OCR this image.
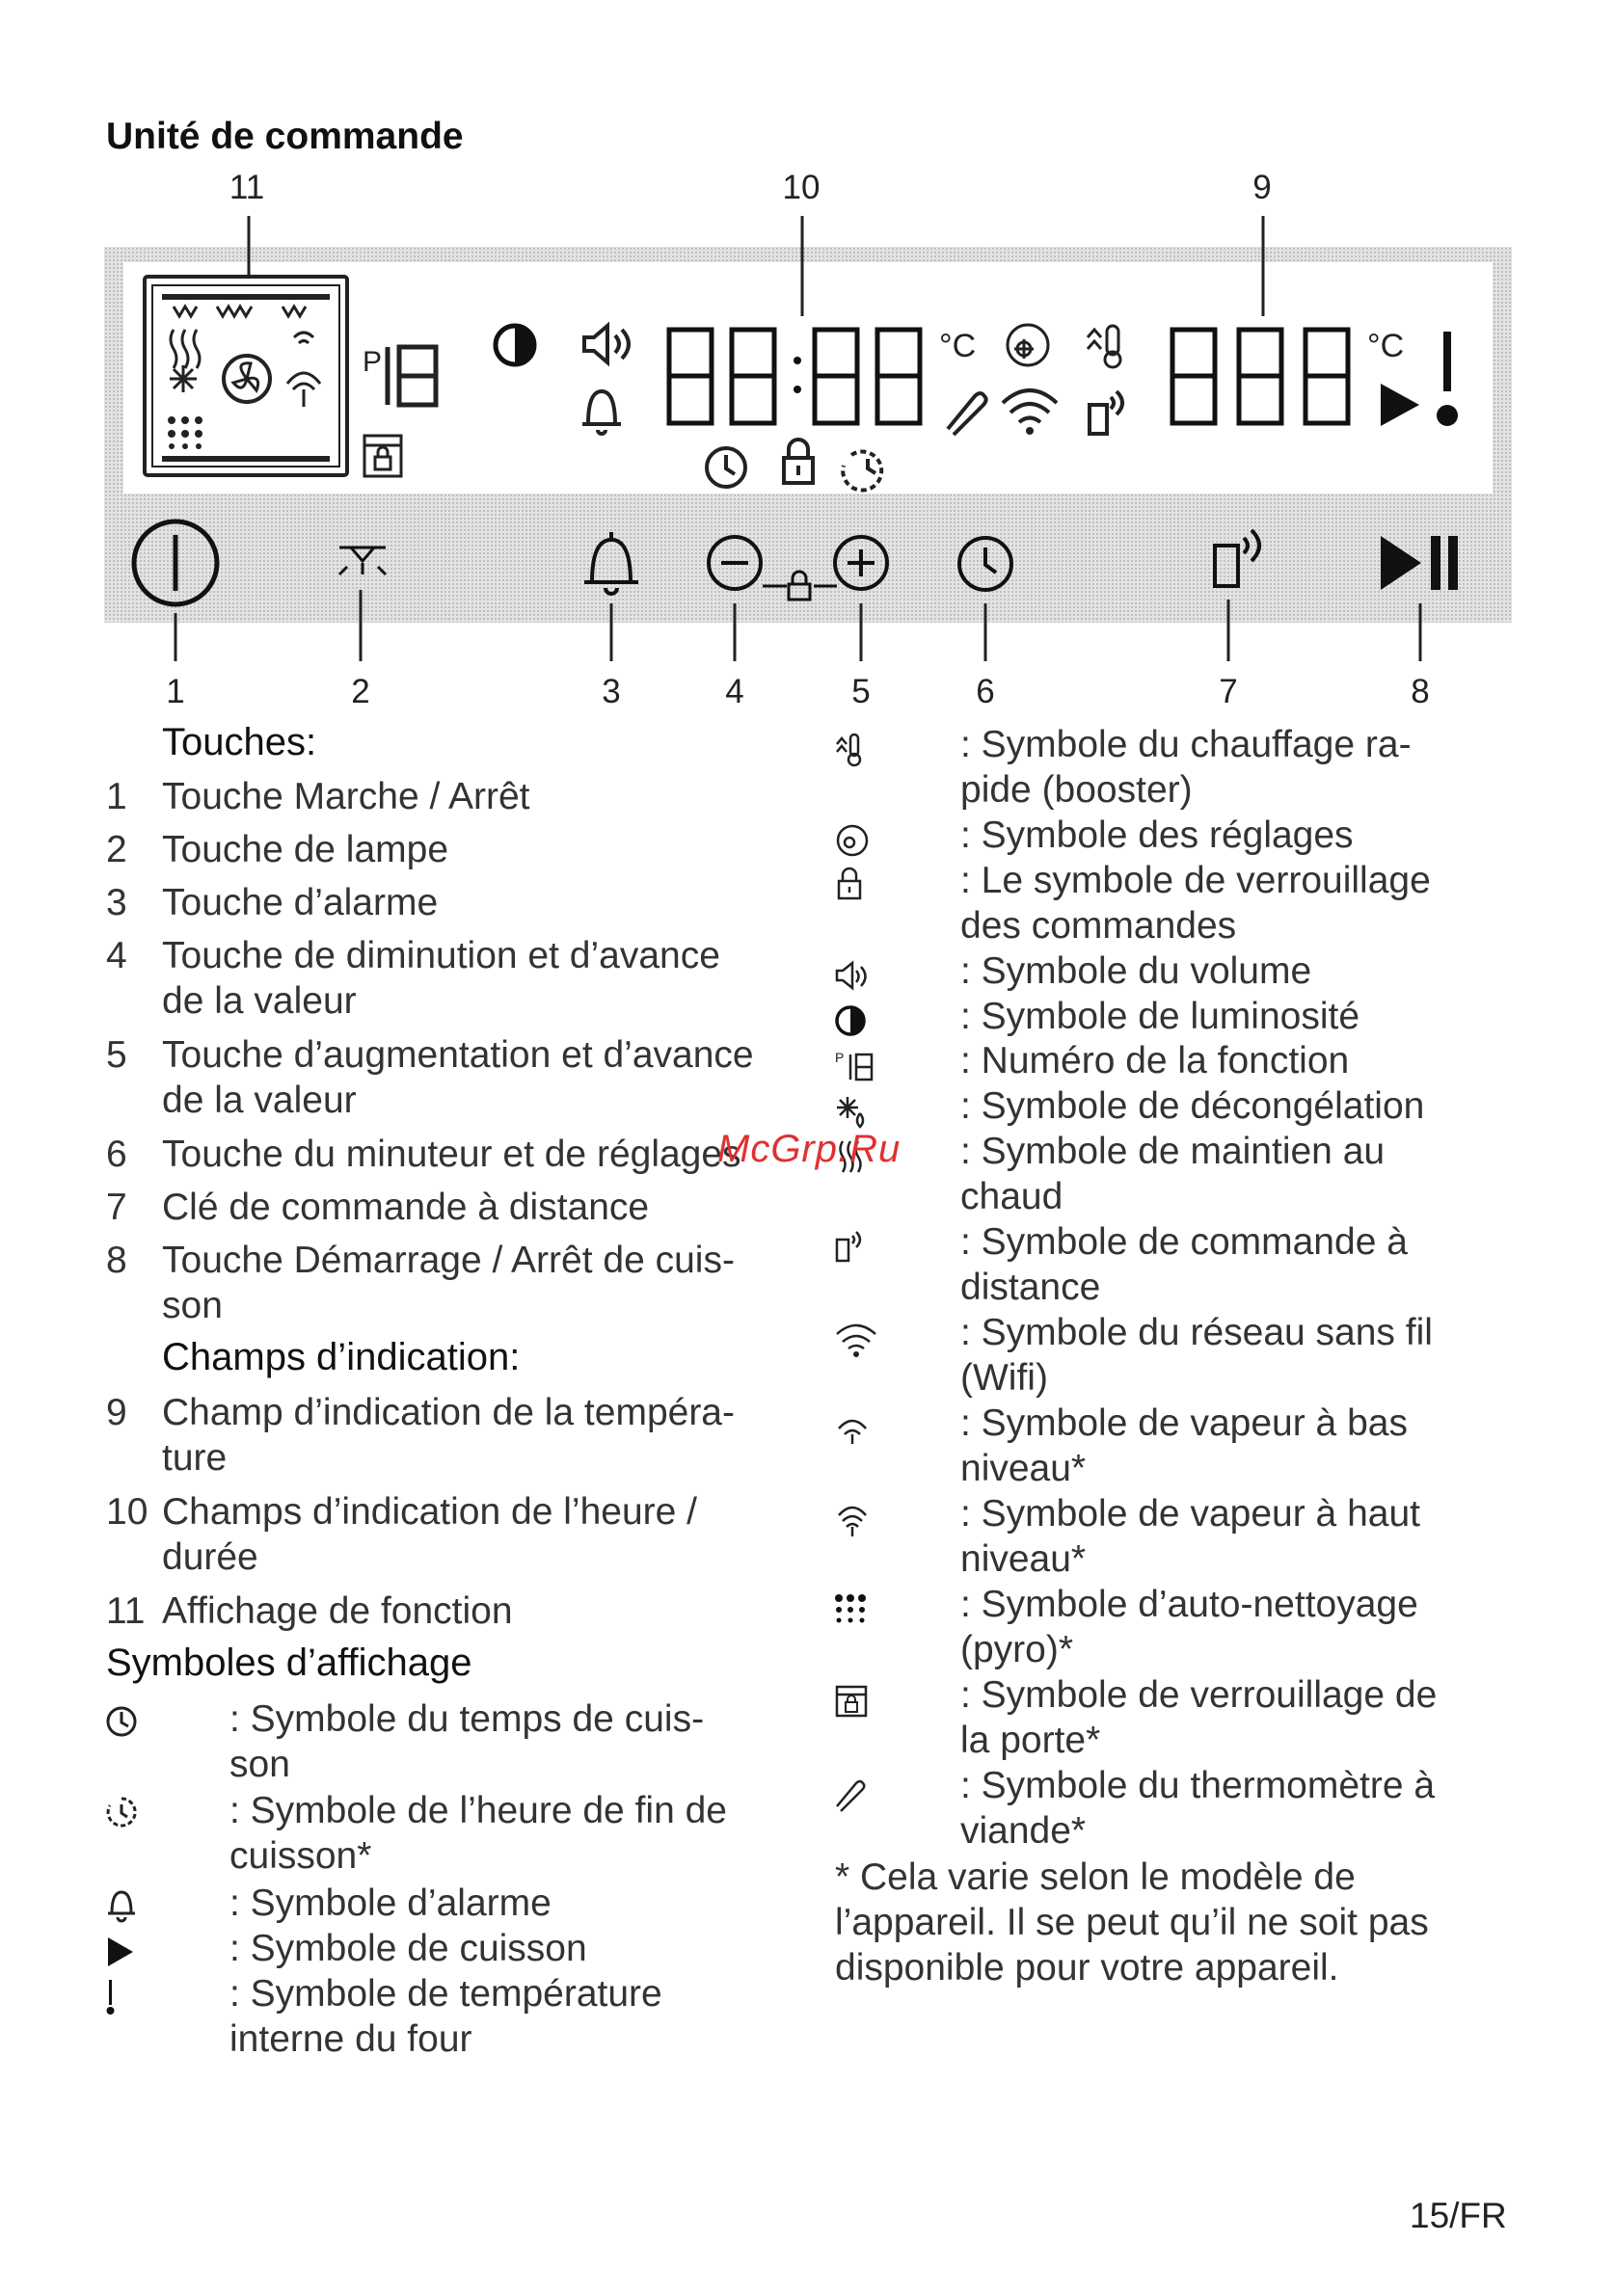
Unité de commande
11	10	9
P	°C	°C
1	2	3	4	5	6	7	8
Touches:
1 Touche Marche / Arrêt
2 Touche de lampe
3 Touche d’alarme
4 Touche de diminution et d’avance
de la valeur
5 Touche d’augmentation et d’avance
de la valeur
6 Touche du minuteur et de réglages
7 Clé de commande à distance
8 Touche Démarrage / Arrêt de cuis-
son
Champs d’indication:
9 Champ d’indication de la tempéra-
ture
10 Champs d’indication de l’heure /
durée
11 Affichage de fonction
Symboles d’affichage
: Symbole du temps de cuis-
son
: Symbole de l’heure de fin de
cuisson*
: Symbole d’alarme
: Symbole de cuisson
: Symbole de température
interne du four
: Symbole du chauffage ra-
pide (booster)
: Symbole des réglages
: Le symbole de verrouillage
des commandes
: Symbole du volume
: Symbole de luminosité
P	: Numéro de la fonction
: Symbole de décongélation
: Symbole de maintien au
chaud
: Symbole de commande à
distance
: Symbole du réseau sans fil
(Wifi)
: Symbole de vapeur à bas
niveau*
: Symbole de vapeur à haut
niveau*
: Symbole d’auto-nettoyage
(pyro)*
: Symbole de verrouillage de
la porte*
: Symbole du thermomètre à
viande*
* Cela varie selon le modèle de
l’appareil. Il se peut qu’il ne soit pas
disponible pour votre appareil.
McGrp.Ru
15/FR
